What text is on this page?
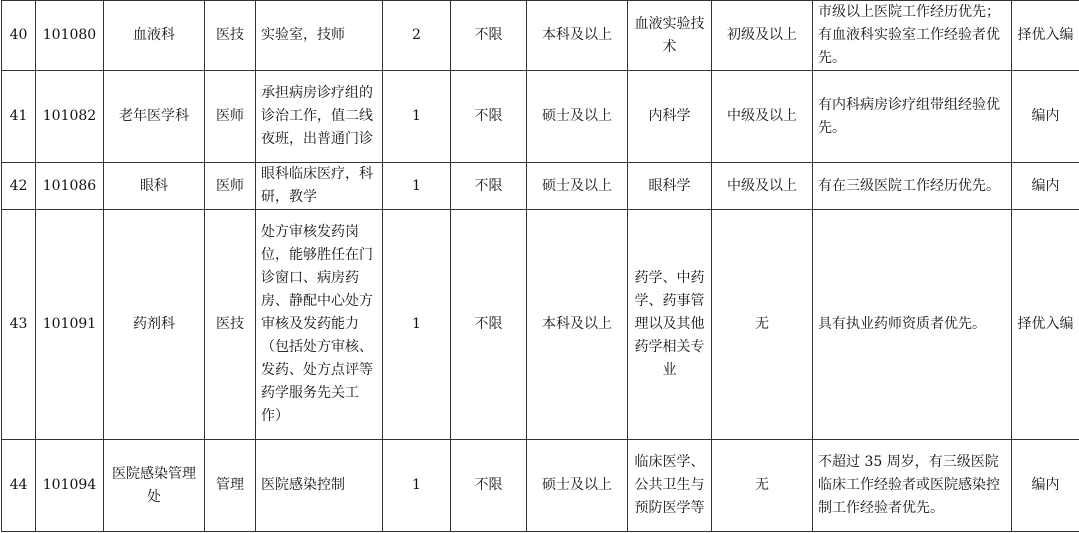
40	101080	血液科	医技	实验室，技师	2	不限	本科及以上	血液实验技术	初级及以上	市级以上医院工作经历优先；有血液科实验室工作经验者优先。	择优入编
41	101082	老年医学科	医师	承担病房诊疗组的诊治工作，值二线夜班，出普通门诊	1	不限	硕士及以上	内科学	中级及以上	有内科病房诊疗组带组经验优先。	编内
42	101086	眼科	医师	眼科临床医疗，科研，教学	1	不限	硕士及以上	眼科学	中级及以上	有在三级医院工作经历优先。	编内
43	101091	药剂科	医技	处方审核发药岗位，能够胜任在门诊窗口、病房药房、静配中心处方审核及发药能力（包括处方审核、发药、处方点评等药学服务先关工作）	1	不限	本科及以上	药学、中药学、药事管理以及其他药学相关专业	无	具有执业药师资质者优先。	择优入编
44	101094	医院感染管理处	管理	医院感染控制	1	不限	硕士及以上	临床医学、公共卫生与预防医学等	无	不超过 35 周岁，有三级医院临床工作经验者或医院感染控制工作经验者优先。	编内
